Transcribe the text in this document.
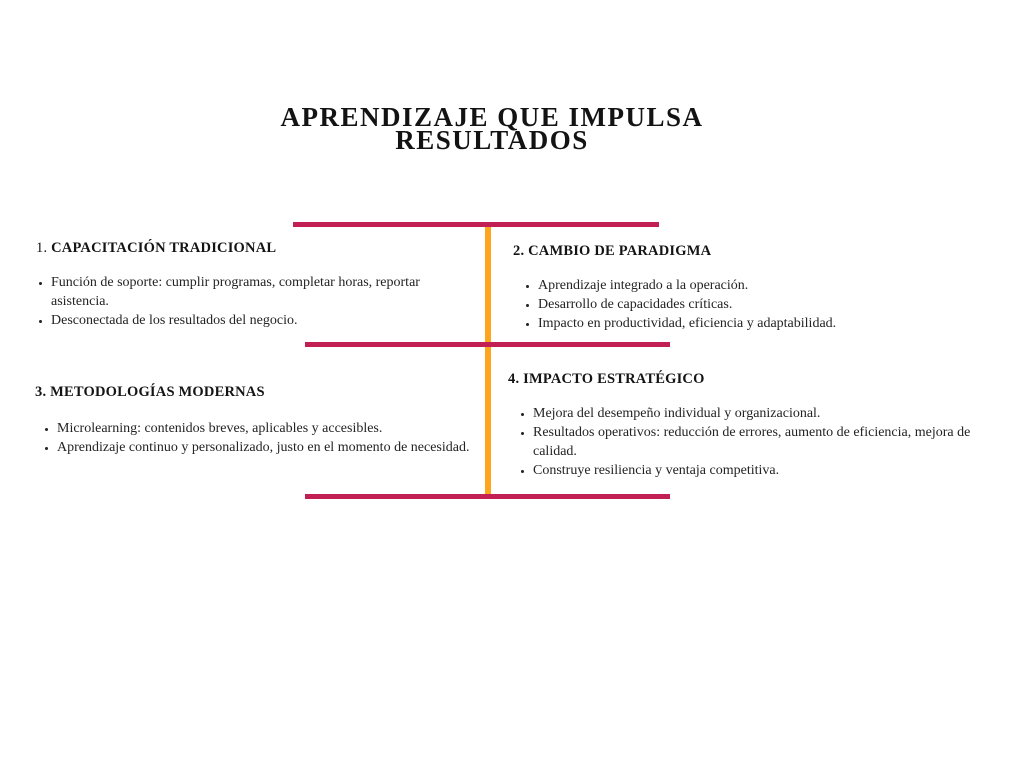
APRENDIZAJE QUE IMPULSA
RESULTADOS
1. CAPACITACIÓN TRADICIONAL
• Función de soporte: cumplir programas, completar horas, reportar asistencia.
• Desconectada de los resultados del negocio.
2. CAMBIO DE PARADIGMA
• Aprendizaje integrado a la operación.
• Desarrollo de capacidades críticas.
• Impacto en productividad, eficiencia y adaptabilidad.
3. METODOLOGÍAS MODERNAS
• Microlearning: contenidos breves, aplicables y accesibles.
• Aprendizaje continuo y personalizado, justo en el momento de necesidad.
4. IMPACTO ESTRATÉGICO
• Mejora del desempeño individual y organizacional.
• Resultados operativos: reducción de errores, aumento de eficiencia, mejora de calidad.
• Construye resiliencia y ventaja competitiva.
